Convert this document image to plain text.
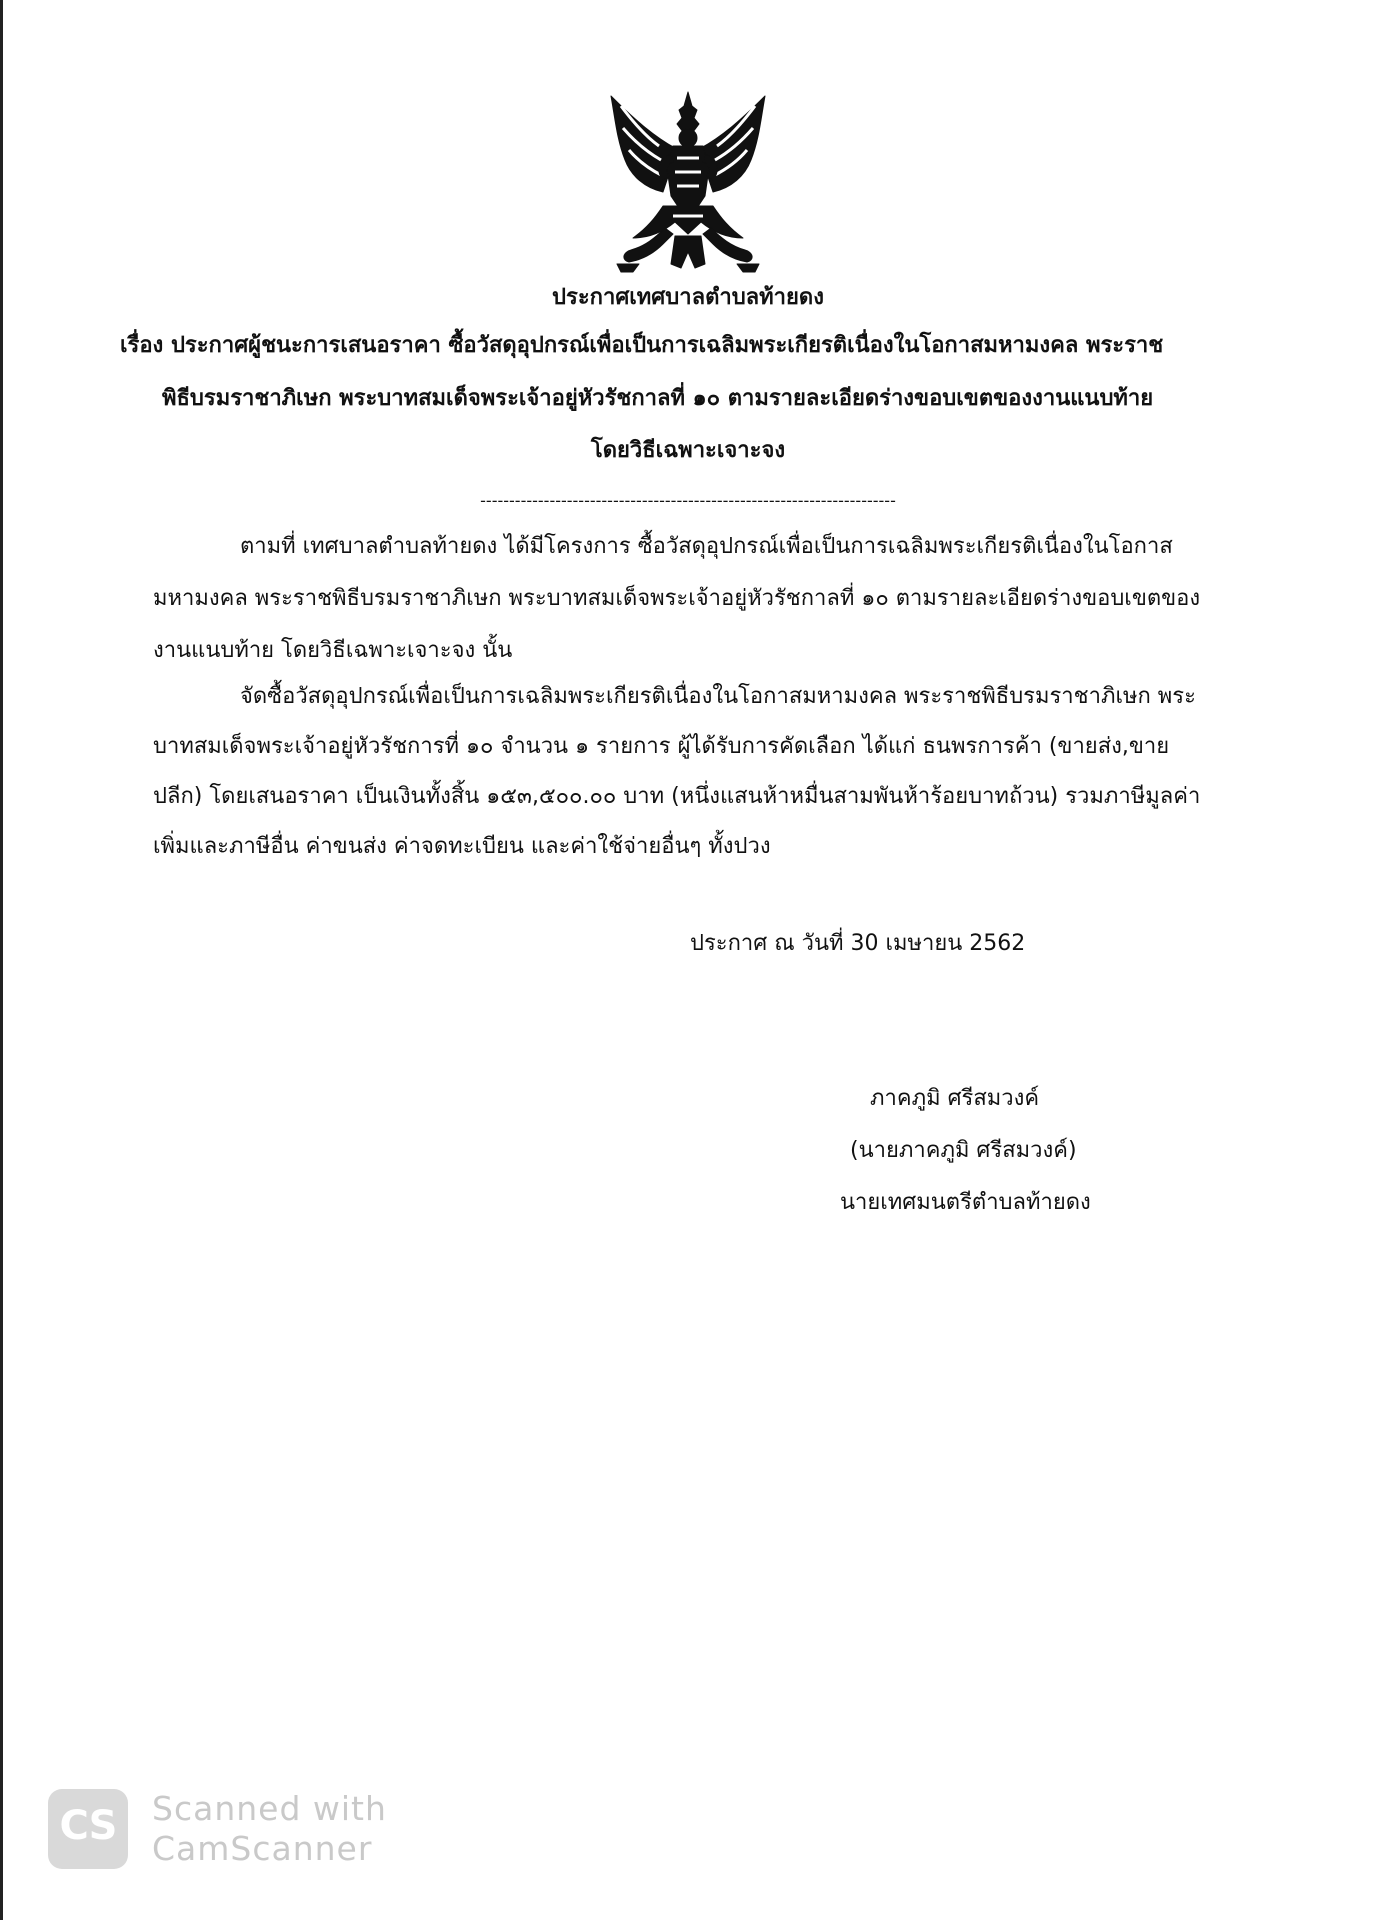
ประกาศเทศบาลตำบลท้ายดง
เรื่อง ประกาศผู้ชนะการเสนอราคา ซื้อวัสดุอุปกรณ์เพื่อเป็นการเฉลิมพระเกียรติเนื่องในโอกาสมหามงคล พระราช
พิธีบรมราชาภิเษก พระบาทสมเด็จพระเจ้าอยู่หัวรัชกาลที่ ๑๐ ตามรายละเอียดร่างขอบเขตของงานแนบท้าย
โดยวิธีเฉพาะเจาะจง
------------------------------------------------------------------------
ตามที่ เทศบาลตำบลท้ายดง ได้มีโครงการ ซื้อวัสดุอุปกรณ์เพื่อเป็นการเฉลิมพระเกียรติเนื่องในโอกาส
มหามงคล พระราชพิธีบรมราชาภิเษก พระบาทสมเด็จพระเจ้าอยู่หัวรัชกาลที่ ๑๐ ตามรายละเอียดร่างขอบเขตของ
งานแนบท้าย โดยวิธีเฉพาะเจาะจง นั้น
จัดซื้อวัสดุอุปกรณ์เพื่อเป็นการเฉลิมพระเกียรติเนื่องในโอกาสมหามงคล พระราชพิธีบรมราชาภิเษก พระ
บาทสมเด็จพระเจ้าอยู่หัวรัชการที่ ๑๐ จำนวน ๑ รายการ ผู้ได้รับการคัดเลือก ได้แก่ ธนพรการค้า (ขายส่ง,ขาย
ปลีก) โดยเสนอราคา เป็นเงินทั้งสิ้น ๑๕๓,๕๐๐.๐๐ บาท (หนึ่งแสนห้าหมื่นสามพันห้าร้อยบาทถ้วน) รวมภาษีมูลค่า
เพิ่มและภาษีอื่น ค่าขนส่ง ค่าจดทะเบียน และค่าใช้จ่ายอื่นๆ ทั้งปวง
ประกาศ ณ วันที่ 30 เมษายน 2562
ภาคภูมิ ศรีสมวงค์
(นายภาคภูมิ ศรีสมวงค์)
นายเทศมนตรีตำบลท้ายดง
CS	Scanned with
CamScanner
